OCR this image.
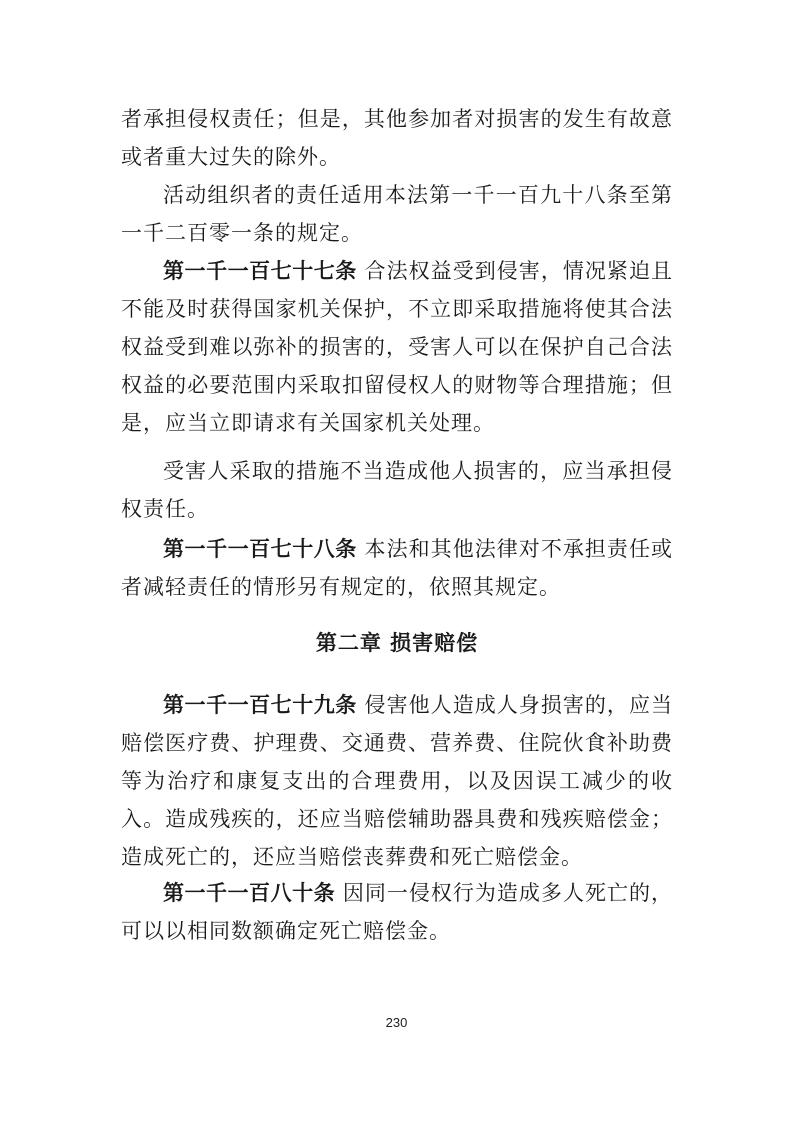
者承担侵权责任；但是，其他参加者对损害的发生有故意或者重大过失的除外。

活动组织者的责任适用本法第一千一百九十八条至第一千二百零一条的规定。

第一千一百七十七条 合法权益受到侵害，情况紧迫且不能及时获得国家机关保护，不立即采取措施将使其合法权益受到难以弥补的损害的，受害人可以在保护自己合法权益的必要范围内采取扣留侵权人的财物等合理措施；但是，应当立即请求有关国家机关处理。

受害人采取的措施不当造成他人损害的，应当承担侵权责任。

第一千一百七十八条 本法和其他法律对不承担责任或者减轻责任的情形另有规定的，依照其规定。

第二章 损害赔偿

第一千一百七十九条 侵害他人造成人身损害的，应当赔偿医疗费、护理费、交通费、营养费、住院伙食补助费等为治疗和康复支出的合理费用，以及因误工减少的收入。造成残疾的，还应当赔偿辅助器具费和残疾赔偿金；造成死亡的，还应当赔偿丧葬费和死亡赔偿金。

第一千一百八十条 因同一侵权行为造成多人死亡的，可以以相同数额确定死亡赔偿金。

230
